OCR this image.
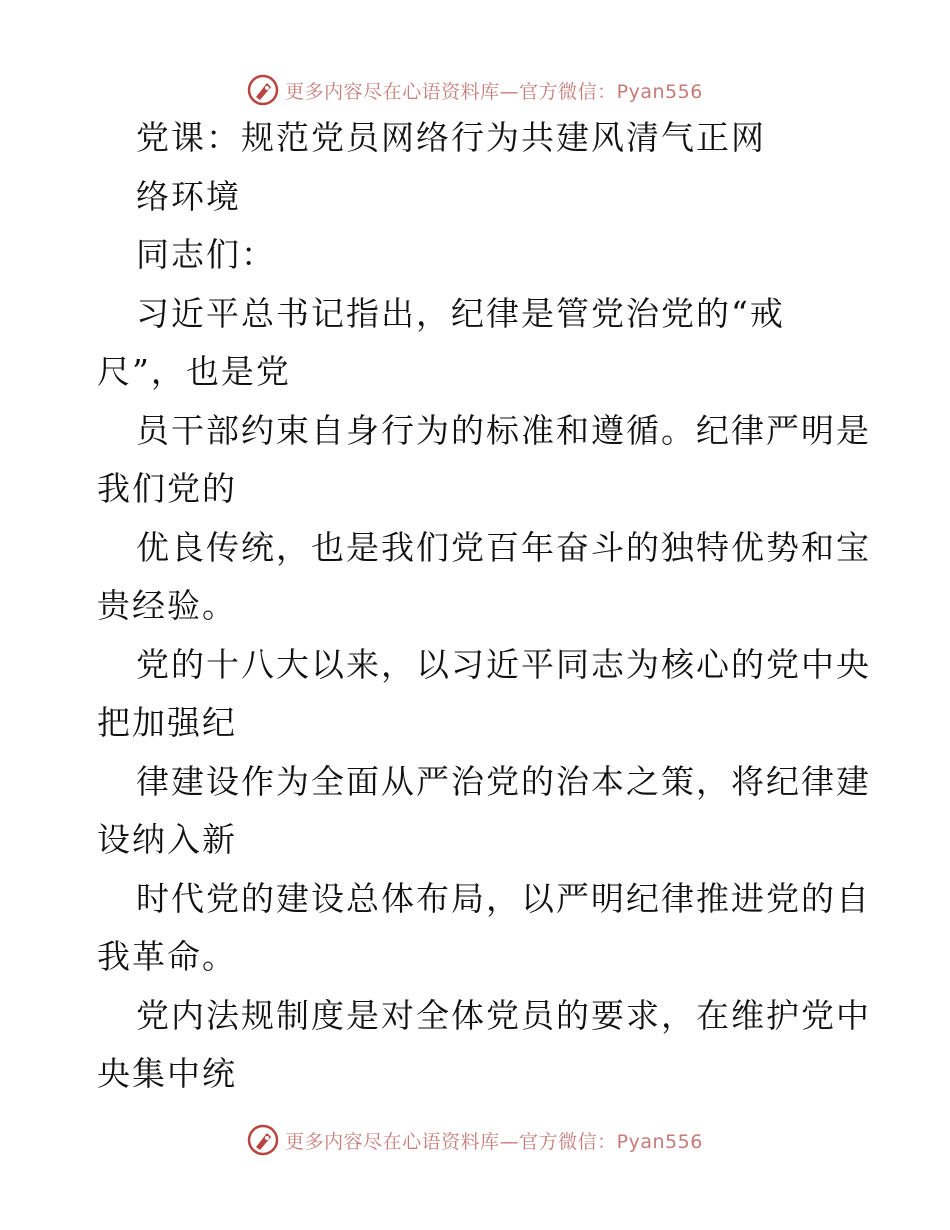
更多内容尽在心语资料库—官方微信：Pyan556
党课：规范党员网络行为共建风清气正网
络环境
同志们：
习近平总书记指出，纪律是管党治党的“戒
尺”，也是党
员干部约束自身行为的标准和遵循。纪律严明是
我们党的
优良传统，也是我们党百年奋斗的独特优势和宝
贵经验。
党的十八大以来，以习近平同志为核心的党中央
把加强纪
律建设作为全面从严治党的治本之策，将纪律建
设纳入新
时代党的建设总体布局，以严明纪律推进党的自
我革命。
党内法规制度是对全体党员的要求，在维护党中
央集中统
更多内容尽在心语资料库—官方微信：Pyan556
